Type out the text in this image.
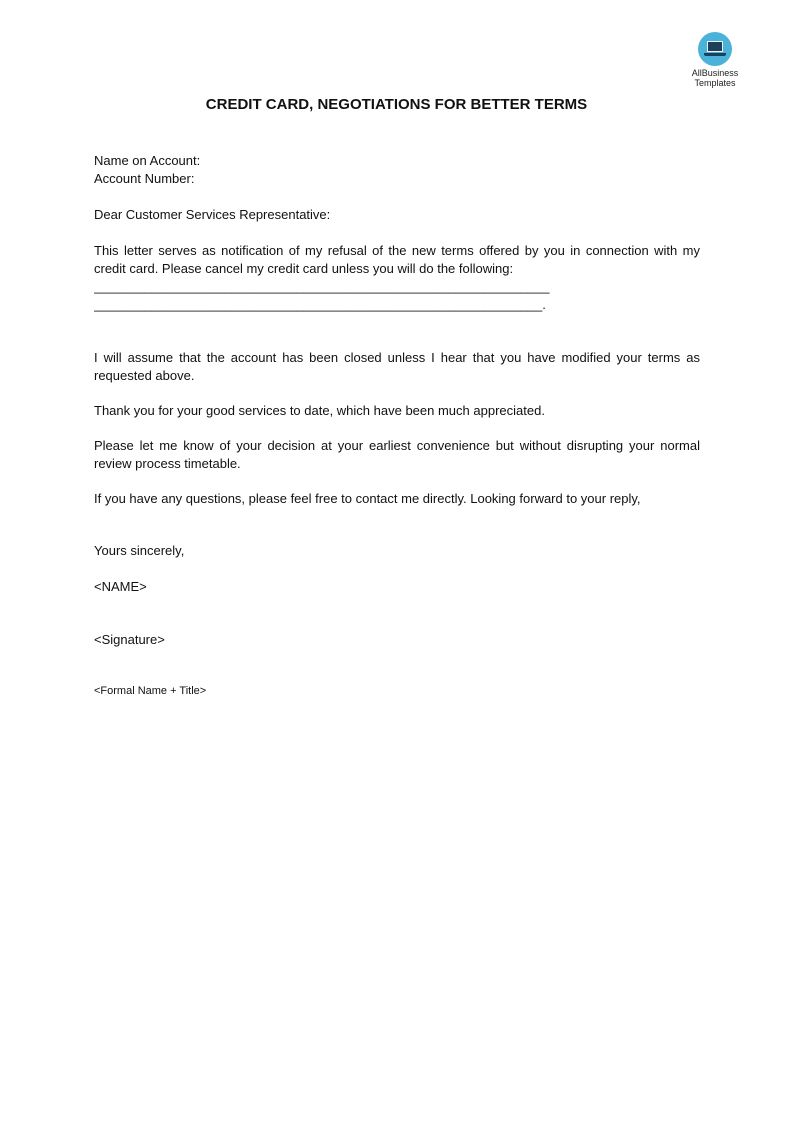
AllBusiness
Templates
CREDIT CARD, NEGOTIATIONS FOR BETTER TERMS

Name on Account:

Account Number:

Dear Customer Services Representative:

This letter serves as notification of my refusal of the new terms offered by you in connection with my credit card. Please cancel my credit card unless you will do the following:

_______________________________________________________________

______________________________________________________________.

I will assume that the account has been closed unless I hear that you have modified your terms as requested above.

Thank you for your good services to date, which have been much appreciated.

Please let me know of your decision at your earliest convenience but without disrupting your normal review process timetable.

If you have any questions, please feel free to contact me directly. Looking forward to your reply,

Yours sincerely,

<NAME>

<Signature>

<Formal Name + Title>
